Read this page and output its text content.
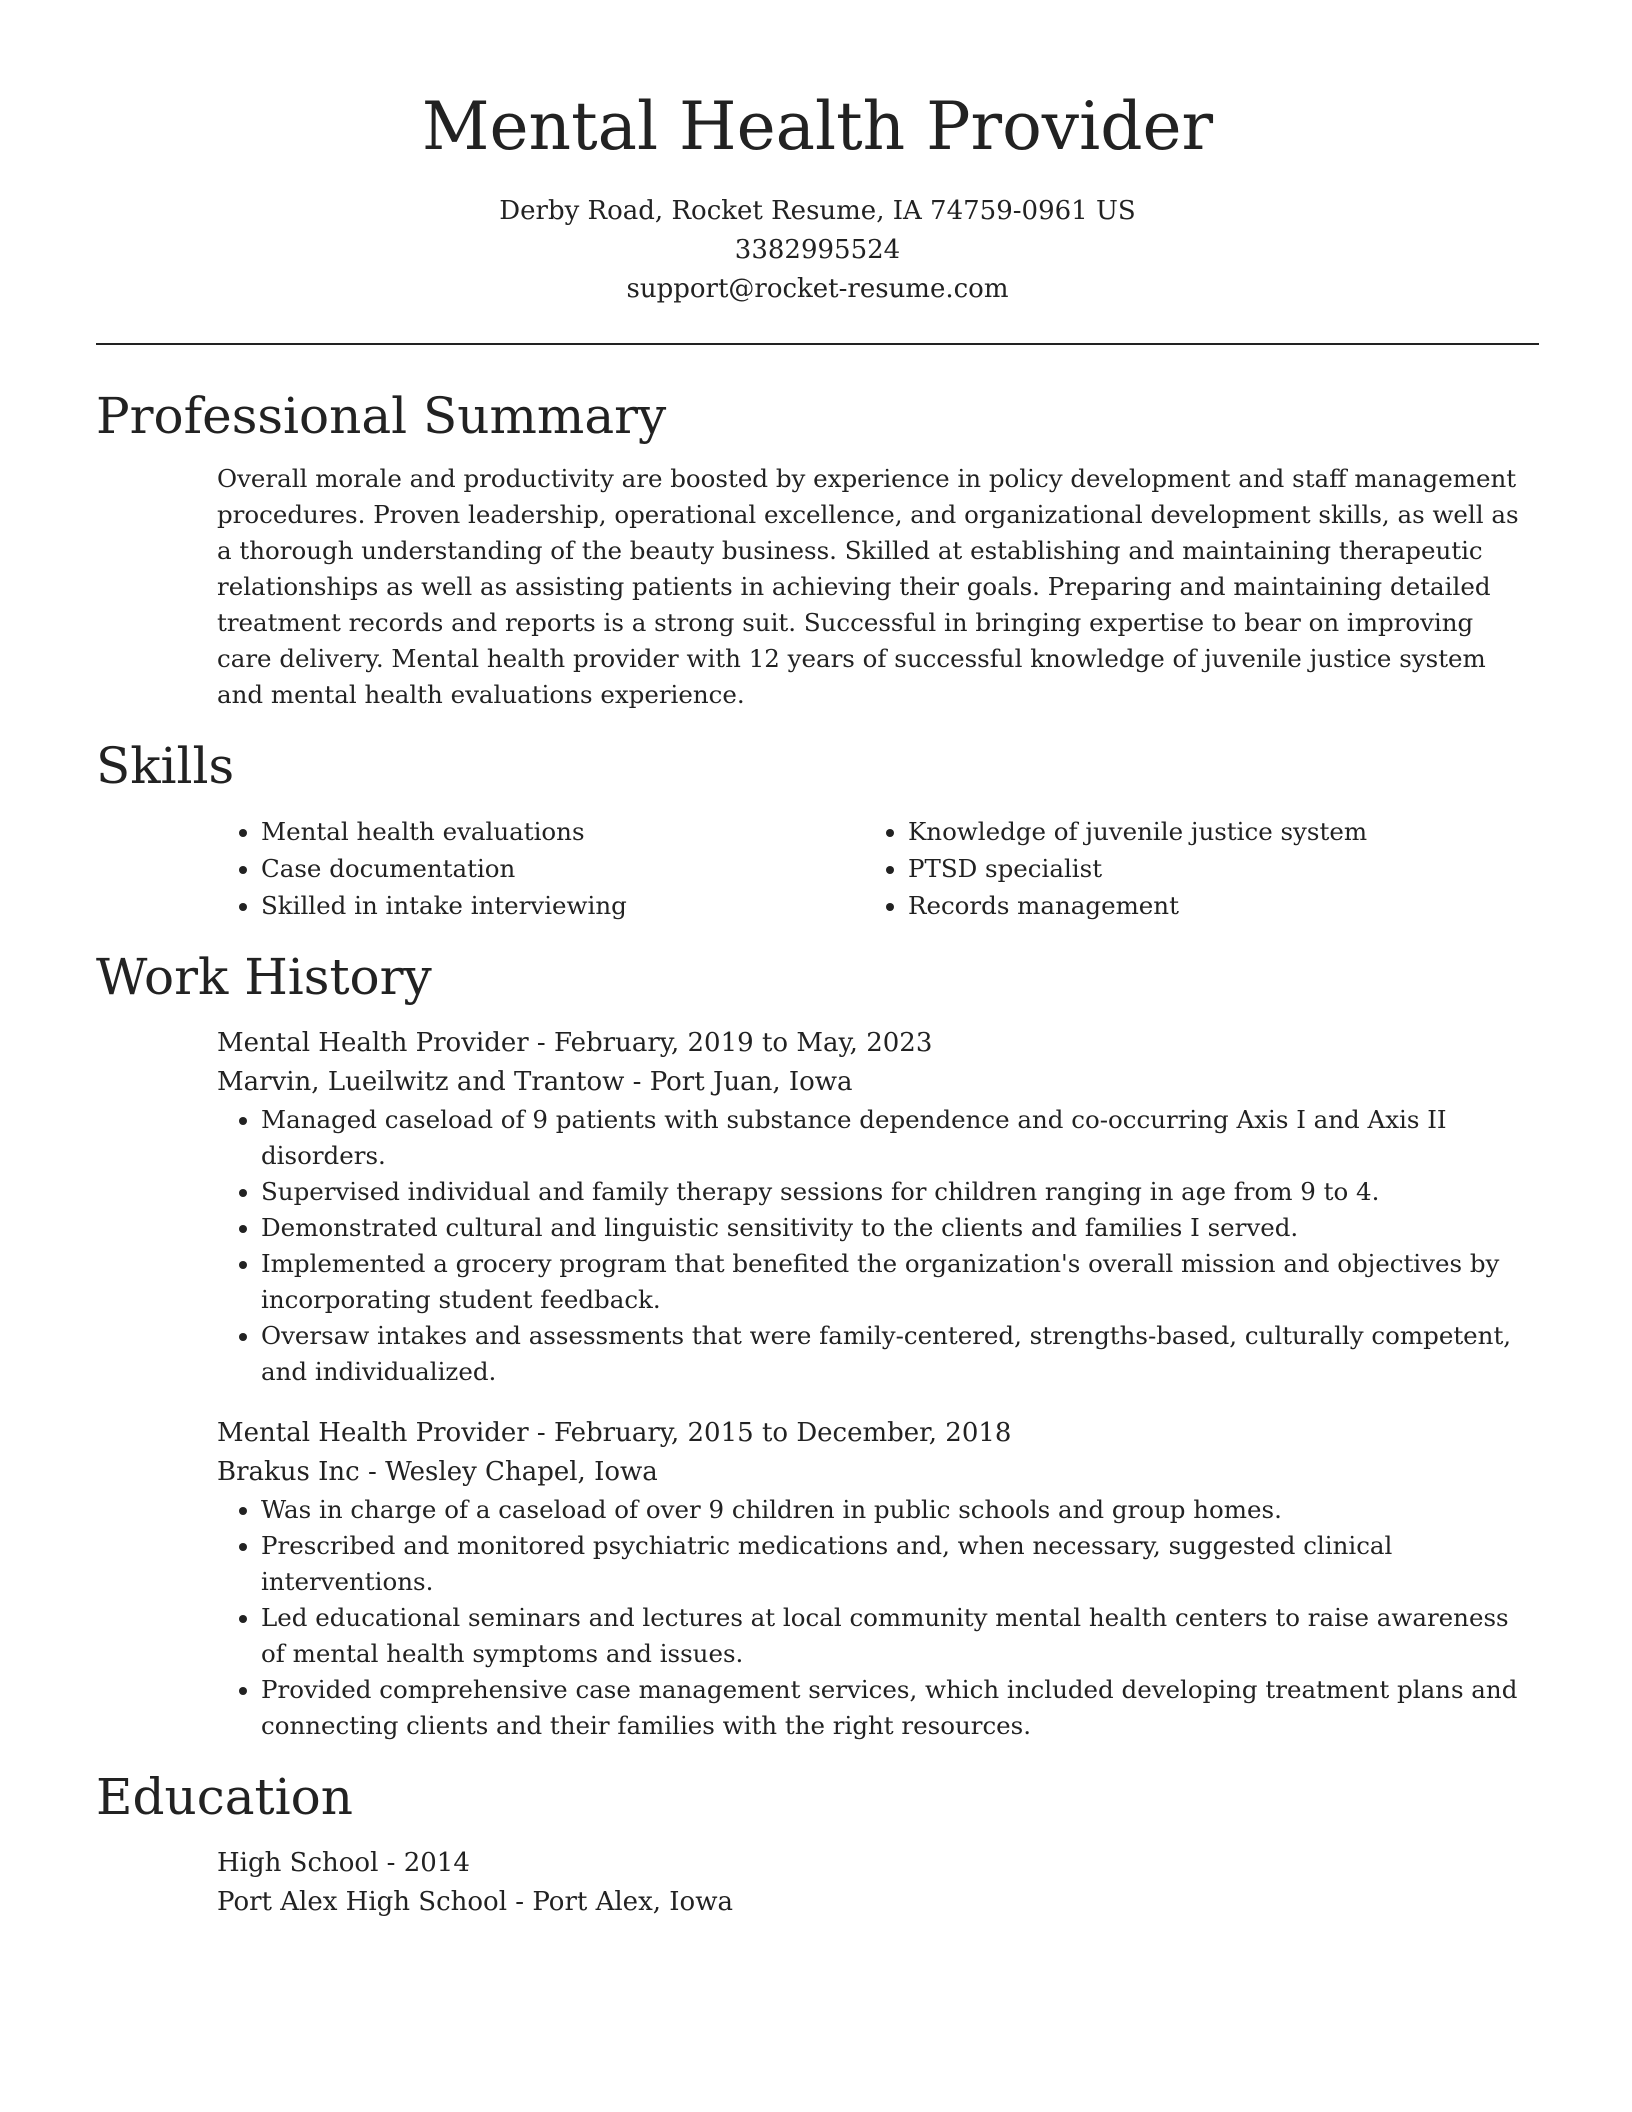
Mental Health Provider

Derby Road, Rocket Resume, IA 74759-0961 US

3382995524

support@rocket-resume.com

Professional Summary

Overall morale and productivity are boosted by experience in policy development and staff management procedures. Proven leadership, operational excellence, and organizational development skills, as well as a thorough understanding of the beauty business. Skilled at establishing and maintaining therapeutic relationships as well as assisting patients in achieving their goals. Preparing and maintaining detailed treatment records and reports is a strong suit. Successful in bringing expertise to bear on improving care delivery. Mental health provider with 12 years of successful knowledge of juvenile justice system and mental health evaluations experience.

Skills
• Mental health evaluations
• Case documentation
• Skilled in intake interviewing
• Knowledge of juvenile justice system
• PTSD specialist
• Records management
Work History

Mental Health Provider - February, 2019 to May, 2023

Marvin, Lueilwitz and Trantow - Port Juan, Iowa

• Managed caseload of 9 patients with substance dependence and co-occurring Axis I and Axis II disorders.
• Supervised individual and family therapy sessions for children ranging in age from 9 to 4.
• Demonstrated cultural and linguistic sensitivity to the clients and families I served.
• Implemented a grocery program that benefited the organization's overall mission and objectives by incorporating student feedback.
• Oversaw intakes and assessments that were family-centered, strengths-based, culturally competent, and individualized.

Mental Health Provider - February, 2015 to December, 2018

Brakus Inc - Wesley Chapel, Iowa

• Was in charge of a caseload of over 9 children in public schools and group homes.
• Prescribed and monitored psychiatric medications and, when necessary, suggested clinical interventions.
• Led educational seminars and lectures at local community mental health centers to raise awareness of mental health symptoms and issues.
• Provided comprehensive case management services, which included developing treatment plans and connecting clients and their families with the right resources.
Education

High School - 2014

Port Alex High School - Port Alex, Iowa
